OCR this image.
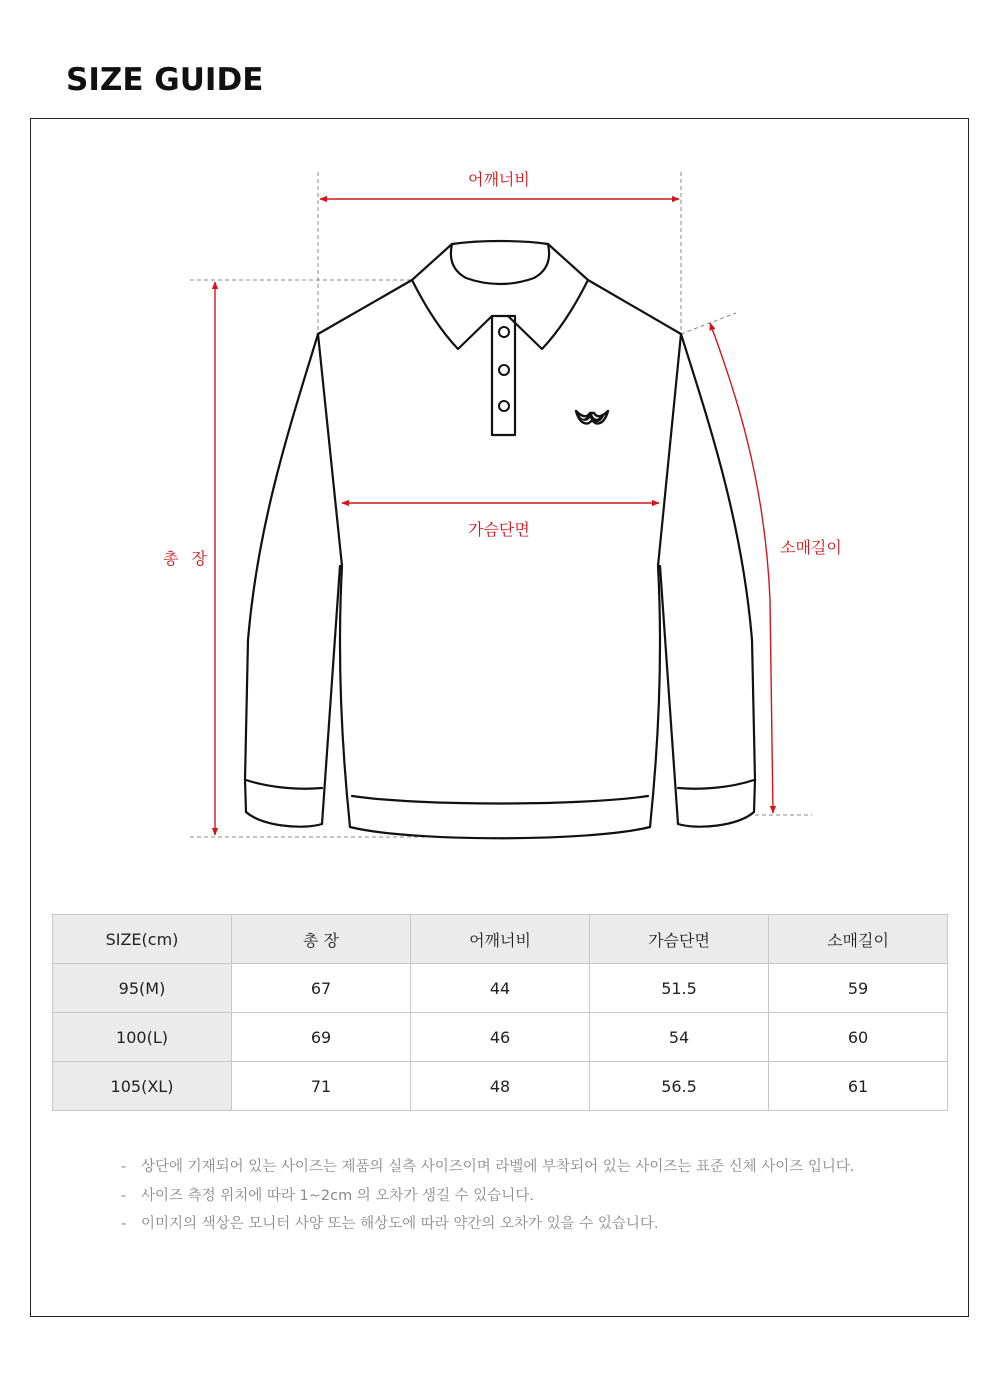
SIZE GUIDE
어깨너비
가슴단면
총 장
소매길이
SIZE(cm)	총 장	어깨너비	가슴단면	소매길이
95(M)	67	44	51.5	59
100(L)	69	46	54	60
105(XL)	71	48	56.5	61
- 상단에 기재되어 있는 사이즈는 제품의 실측 사이즈이며 라벨에 부착되어 있는 사이즈는 표준 신체 사이즈 입니다.
- 사이즈 측정 위치에 따라 1~2cm 의 오차가 생길 수 있습니다.
- 이미지의 색상은 모니터 사양 또는 해상도에 따라 약간의 오차가 있을 수 있습니다.
